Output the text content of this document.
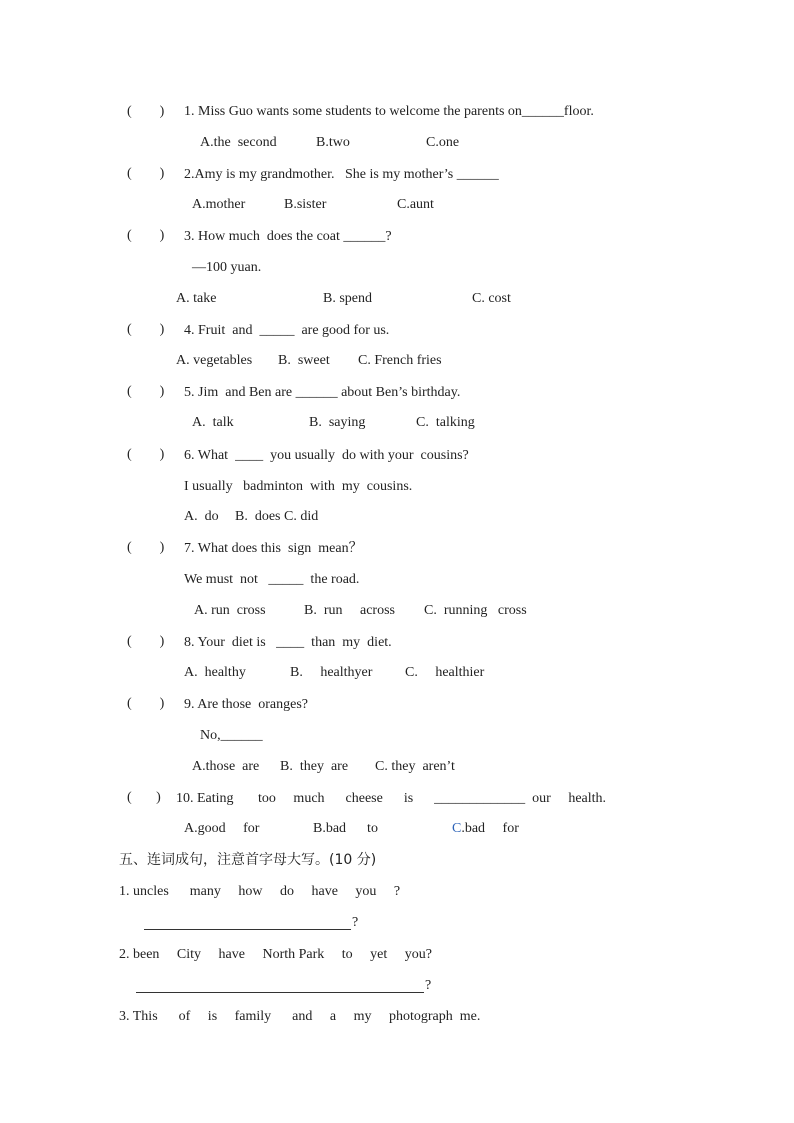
(        ) 1. Miss Guo wants some students to welcome the parents on______floor.
A.the  second	B.two	C.one
(        ) 2.Amy is my grandmother.   She is my mother’s ______
A.mother	B.sister	C.aunt
(        ) 3. How much  does the coat ______?
—100 yuan.
A. take	B. spend	C. cost
(        ) 4. Fruit  and  _____  are good for us.
A. vegetables B.  sweet C. French fries
(        ) 5. Jim  and Ben are ______ about Ben’s birthday.
A.  talk	B.  saying	C.  talking
(        ) 6. What  ____  you usually  do with your  cousins?
I usually   badminton  with  my  cousins.
A.  do B.  does C. did
(        ) 7. What does this  sign  mean？
We must  not   _____  the road.
A. run  cross	B.  run     across C.  running   cross
(        ) 8. Your  diet is   ____  than  my  diet.
A.  healthy	B.     healthyer C.     healthier
(        ) 9. Are those  oranges?
No,______
A.those  are B.  they  are C. they  aren’t
(       ) 10. Eating       too     much      cheese      is      _____________  our     health.
A.good     for	B.bad      to	C.bad     for
五、连词成句，注意首字母大写。(10 分)
1. uncles      many     how     do     have     you     ?
?
2. been     City     have     North Park     to     yet     you?
?
3. This      of     is     family      and     a     my     photograph  me.
